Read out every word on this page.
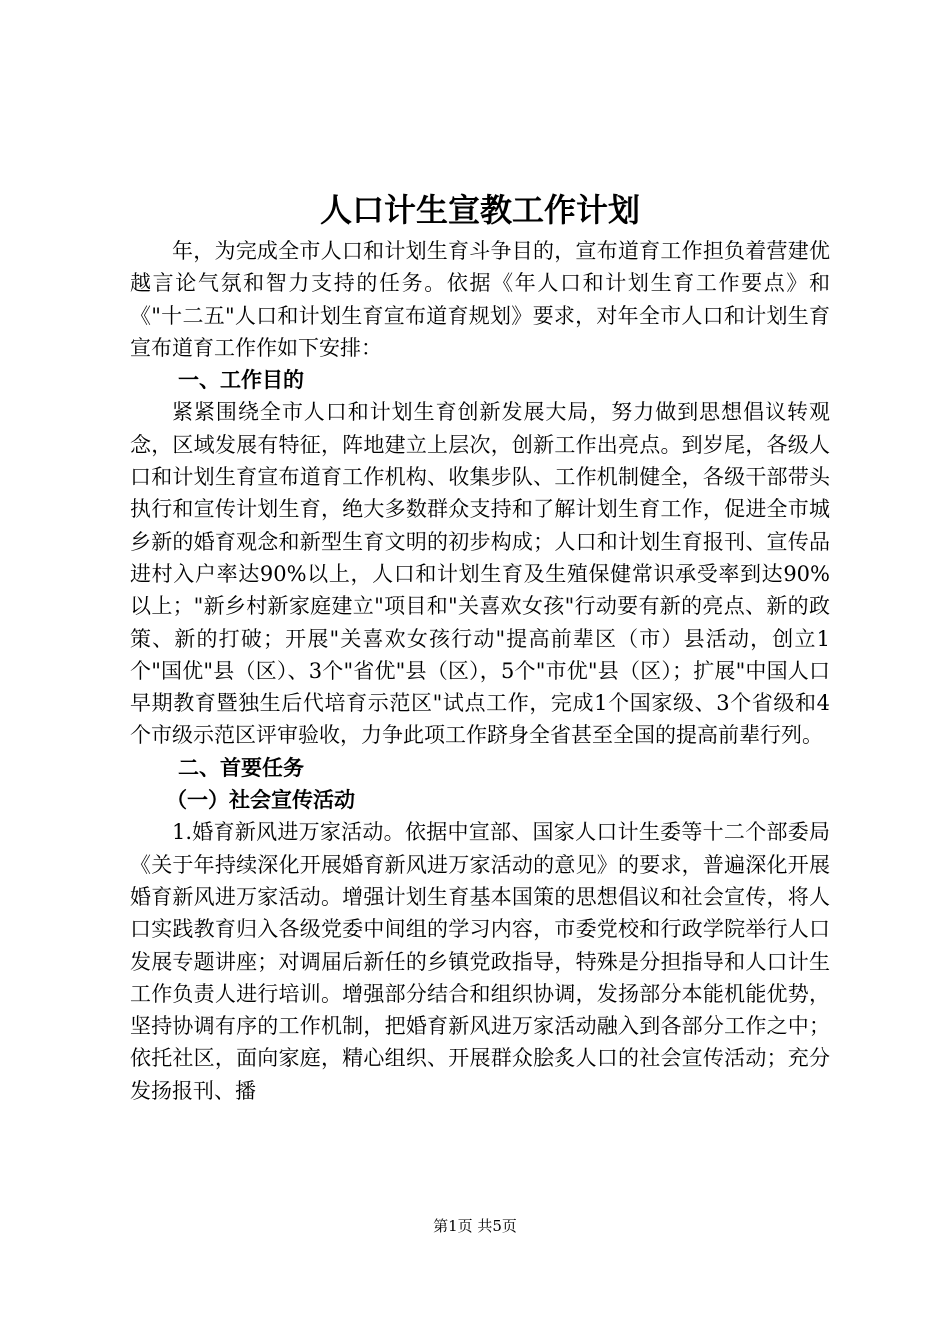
人口计生宣教工作计划

年，为完成全市人口和计划生育斗争目的，宣布道育工作担负着营建优越言论气氛和智力支持的任务。依据《年人口和计划生育工作要点》和《"十二五"人口和计划生育宣布道育规划》要求，对年全市人口和计划生育宣布道育工作作如下安排：

一、工作目的

紧紧围绕全市人口和计划生育创新发展大局，努力做到思想倡议转观念，区域发展有特征，阵地建立上层次，创新工作出亮点。到岁尾，各级人口和计划生育宣布道育工作机构、收集步队、工作机制健全，各级干部带头执行和宣传计划生育，绝大多数群众支持和了解计划生育工作，促进全市城乡新的婚育观念和新型生育文明的初步构成；人口和计划生育报刊、宣传品进村入户率达90%以上，人口和计划生育及生殖保健常识承受率到达90%以上；"新乡村新家庭建立"项目和"关喜欢女孩"行动要有新的亮点、新的政策、新的打破；开展"关喜欢女孩行动"提高前辈区（市）县活动，创立1个"国优"县（区）、3个"省优"县（区），5个"市优"县（区）；扩展"中国人口早期教育暨独生后代培育示范区"试点工作，完成1个国家级、3个省级和4个市级示范区评审验收，力争此项工作跻身全省甚至全国的提高前辈行列。

二、首要任务

（一）社会宣传活动

1.婚育新风进万家活动。依据中宣部、国家人口计生委等十二个部委局《关于年持续深化开展婚育新风进万家活动的意见》的要求，普遍深化开展婚育新风进万家活动。增强计划生育基本国策的思想倡议和社会宣传，将人口实践教育归入各级党委中间组的学习内容，市委党校和行政学院举行人口发展专题讲座；对调届后新任的乡镇党政指导，特殊是分担指导和人口计生工作负责人进行培训。增强部分结合和组织协调，发扬部分本能机能优势，坚持协调有序的工作机制，把婚育新风进万家活动融入到各部分工作之中；依托社区，面向家庭，精心组织、开展群众脍炙人口的社会宣传活动；充分发扬报刊、播

第1页 共5页
